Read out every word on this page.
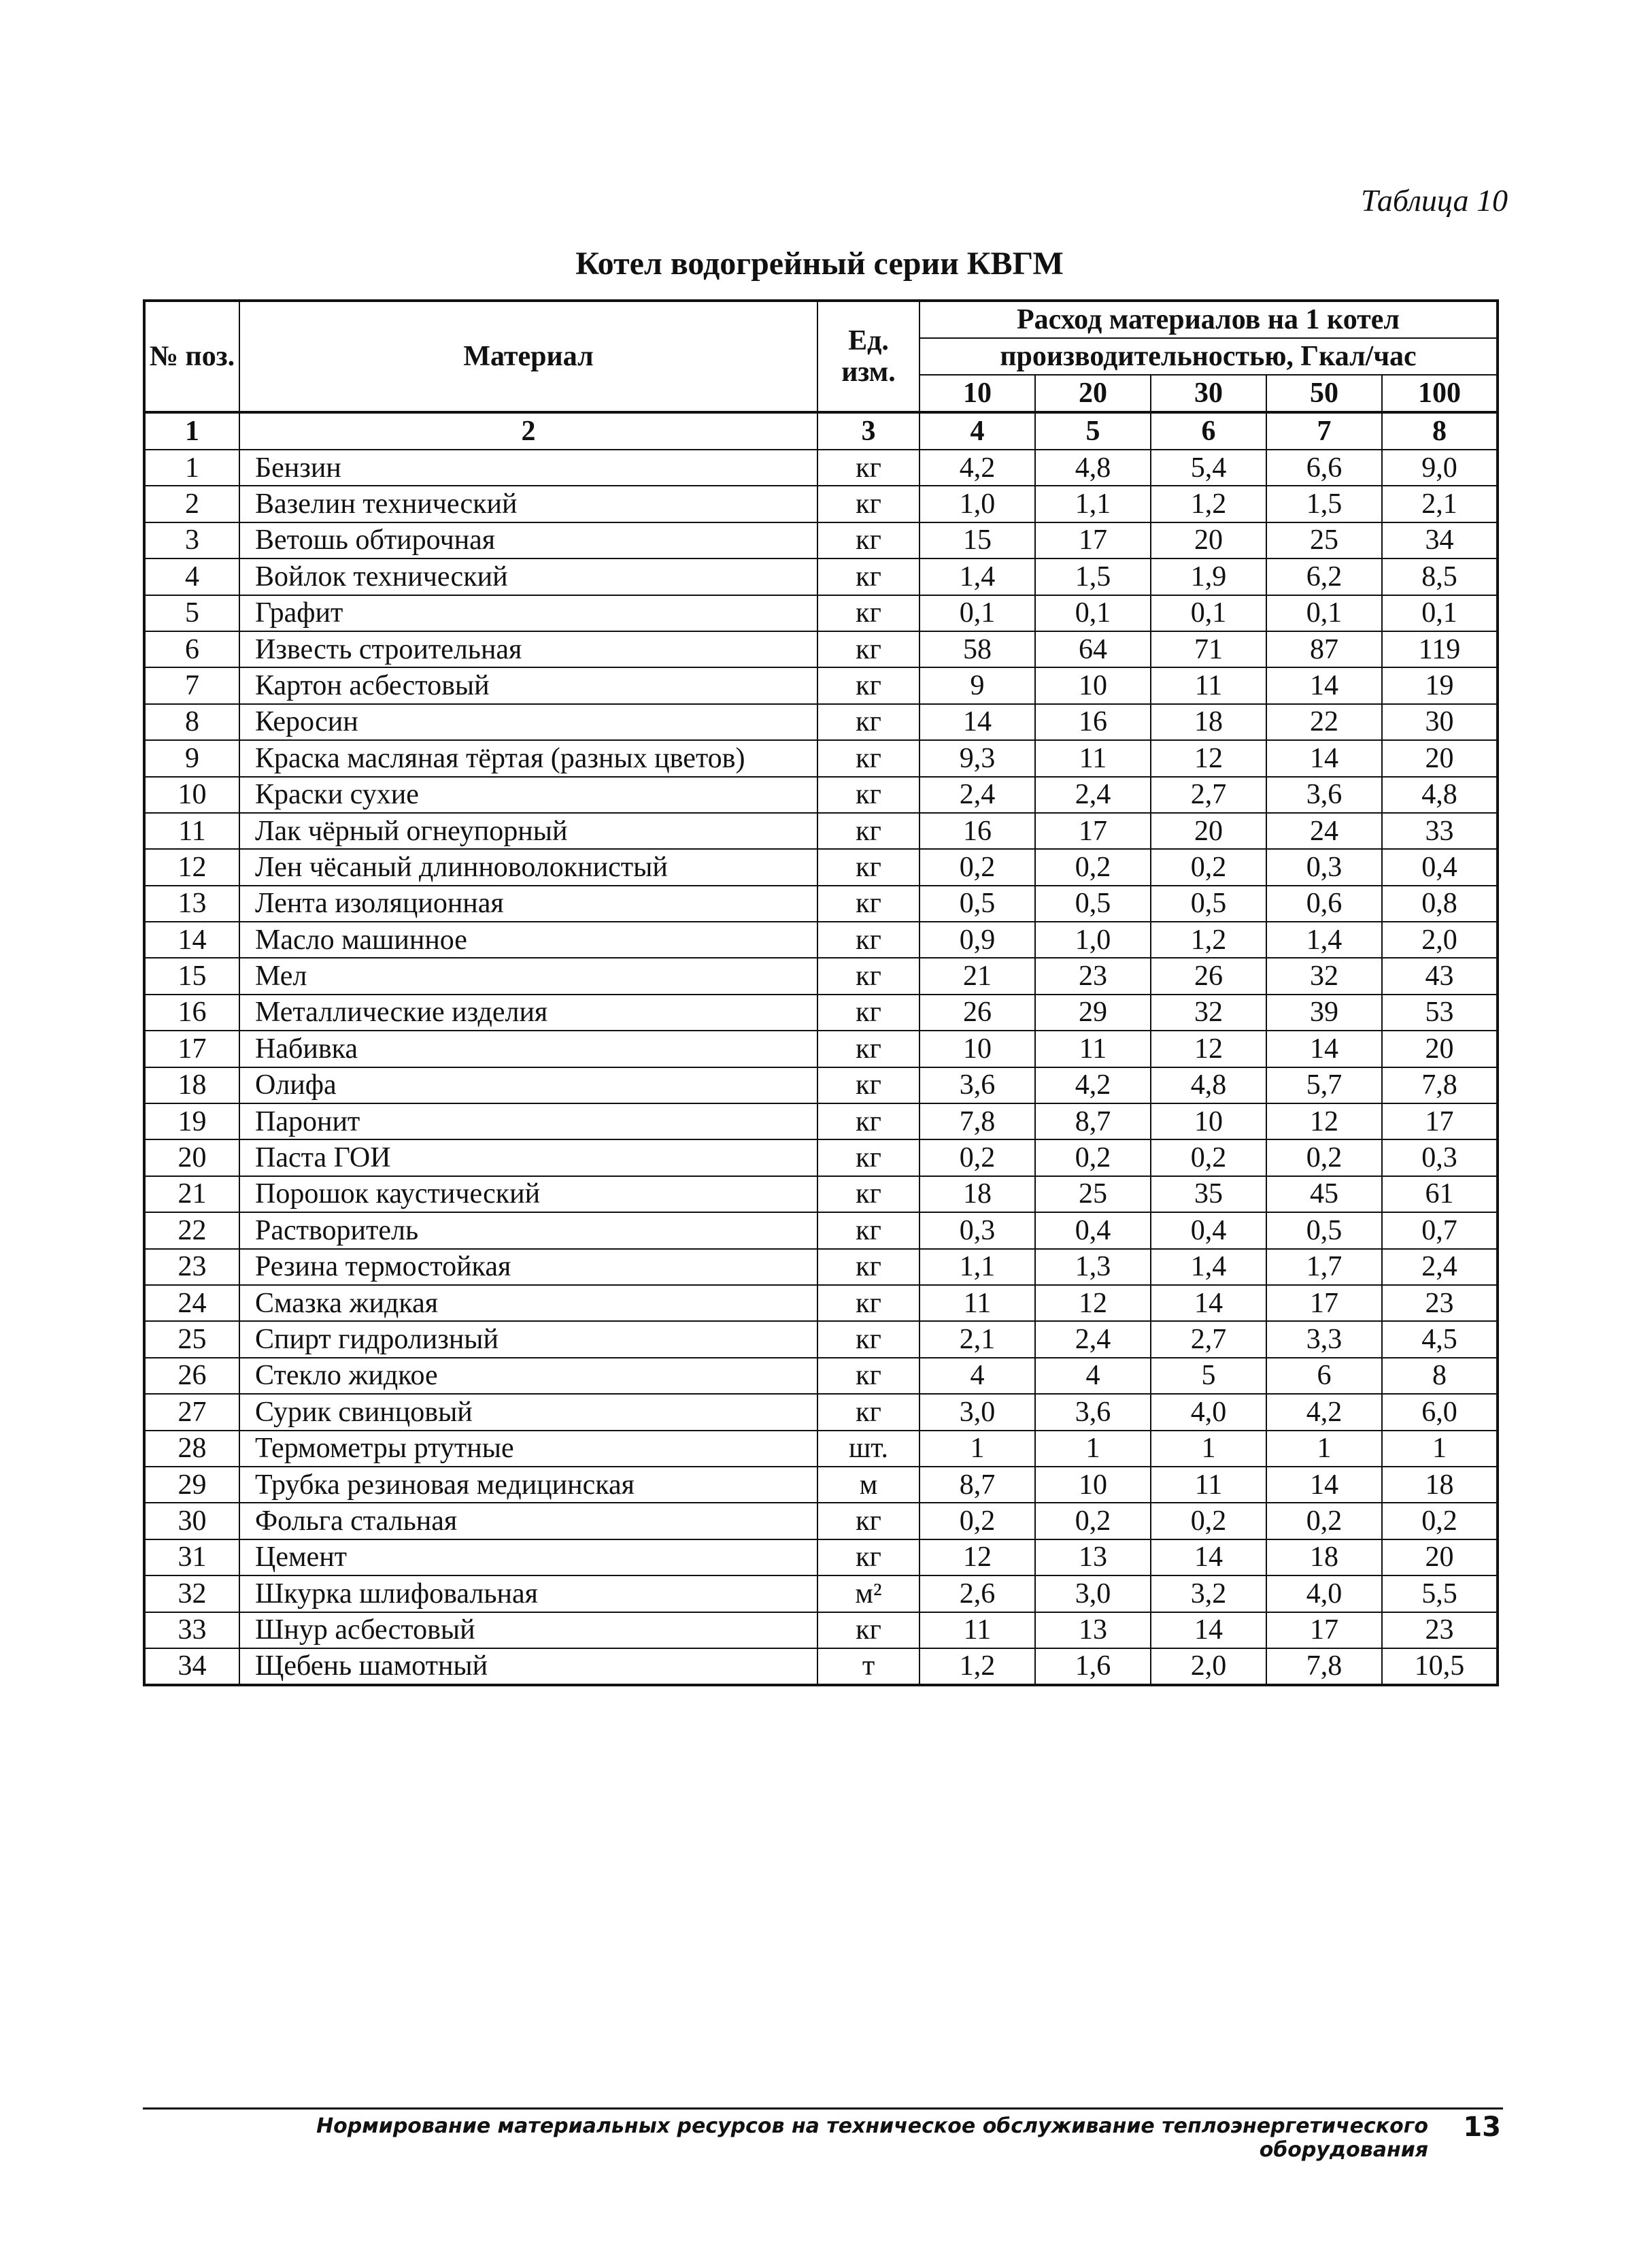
Таблица 10
Котел водогрейный серии КВГМ
№ поз.	Материал	Ед. изм.	Расход материалов на 1 котел				
			производительностью, Гкал/час				
			10	20	30	50	100
1	2	3	4	5	6	7	8
1	Бензин	кг	4,2	4,8	5,4	6,6	9,0
2	Вазелин технический	кг	1,0	1,1	1,2	1,5	2,1
3	Ветошь обтирочная	кг	15	17	20	25	34
4	Войлок технический	кг	1,4	1,5	1,9	6,2	8,5
5	Графит	кг	0,1	0,1	0,1	0,1	0,1
6	Известь строительная	кг	58	64	71	87	119
7	Картон асбестовый	кг	9	10	11	14	19
8	Керосин	кг	14	16	18	22	30
9	Краска масляная тёртая (разных цветов)	кг	9,3	11	12	14	20
10	Краски сухие	кг	2,4	2,4	2,7	3,6	4,8
11	Лак чёрный огнеупорный	кг	16	17	20	24	33
12	Лен чёсаный длинноволокнистый	кг	0,2	0,2	0,2	0,3	0,4
13	Лента изоляционная	кг	0,5	0,5	0,5	0,6	0,8
14	Масло машинное	кг	0,9	1,0	1,2	1,4	2,0
15	Мел	кг	21	23	26	32	43
16	Металлические изделия	кг	26	29	32	39	53
17	Набивка	кг	10	11	12	14	20
18	Олифа	кг	3,6	4,2	4,8	5,7	7,8
19	Паронит	кг	7,8	8,7	10	12	17
20	Паста ГОИ	кг	0,2	0,2	0,2	0,2	0,3
21	Порошок каустический	кг	18	25	35	45	61
22	Растворитель	кг	0,3	0,4	0,4	0,5	0,7
23	Резина термостойкая	кг	1,1	1,3	1,4	1,7	2,4
24	Смазка жидкая	кг	11	12	14	17	23
25	Спирт гидролизный	кг	2,1	2,4	2,7	3,3	4,5
26	Стекло жидкое	кг	4	4	5	6	8
27	Сурик свинцовый	кг	3,0	3,6	4,0	4,2	6,0
28	Термометры ртутные	шт.	1	1	1	1	1
29	Трубка резиновая медицинская	м	8,7	10	11	14	18
30	Фольга стальная	кг	0,2	0,2	0,2	0,2	0,2
31	Цемент	кг	12	13	14	18	20
32	Шкурка шлифовальная	м²	2,6	3,0	3,2	4,0	5,5
33	Шнур асбестовый	кг	11	13	14	17	23
34	Щебень шамотный	т	1,2	1,6	2,0	7,8	10,5
Нормирование материальных ресурсов на техническое обслуживание теплоэнергетического оборудования
13
